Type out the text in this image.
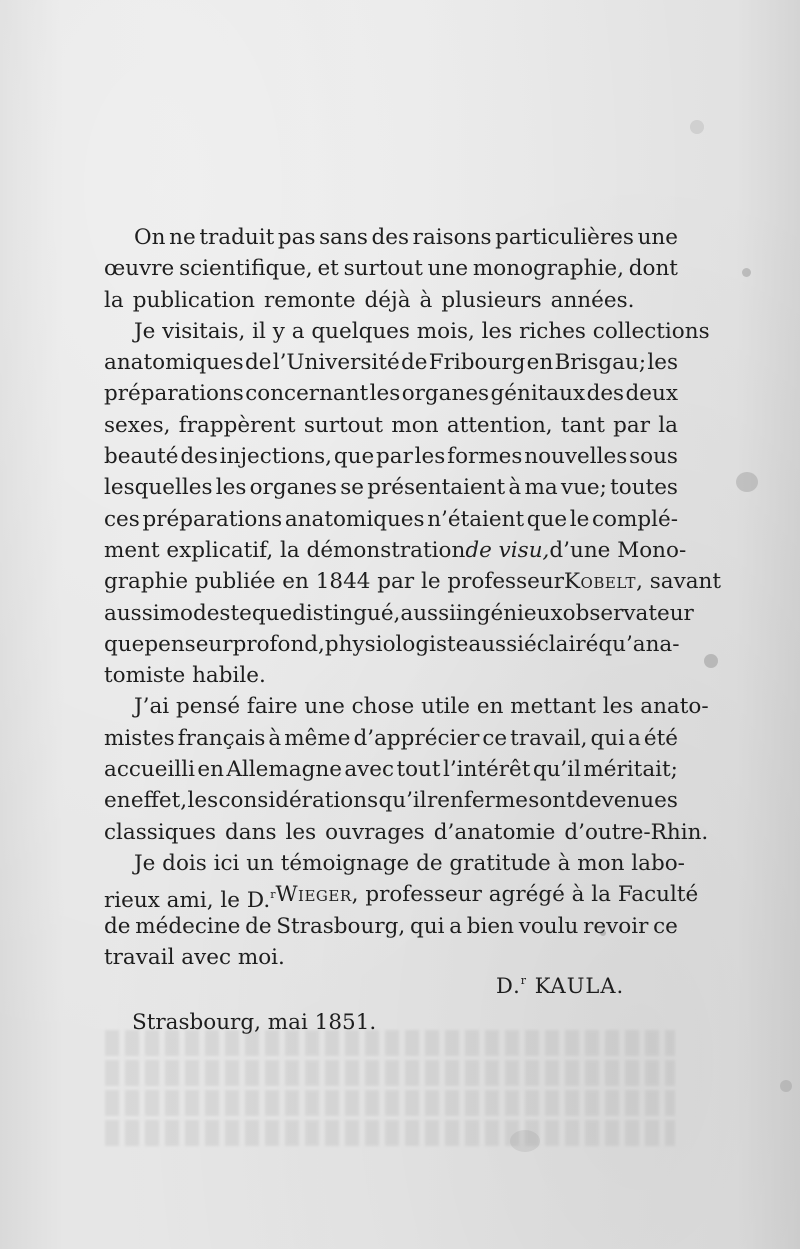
On ne traduit pas sans des raisons particulières une
œuvre scientifique, et surtout une monographie, dont
la publication remonte déjà à plusieurs années.
Je visitais, il y a quelques mois, les riches collections
anatomiques de l’Université de Fribourg en Brisgau; les
préparations concernant les organes génitaux des deux
sexes, frappèrent surtout mon attention, tant par la
beauté des injections, que par les formes nouvelles sous
lesquelles les organes se présentaient à ma vue; toutes
ces préparations anatomiques n’étaient que le complé-
ment explicatif, la démonstration de visu, d’une Mono-
graphie publiée en 1844 par le professeur Kobelt, savant
aussi modeste que distingué, aussi ingénieux observateur
que penseur profond, physiologiste aussi éclairé qu’ana-
tomiste habile.
J’ai pensé faire une chose utile en mettant les anato-
mistes français à même d’apprécier ce travail, qui a été
accueilli en Allemagne avec tout l’intérêt qu’il méritait;
en effet, les considérations qu’il renferme sont devenues
classiques dans les ouvrages d’anatomie d’outre-Rhin.
Je dois ici un témoignage de gratitude à mon labo-
rieux ami, le D.r Wieger, professeur agrégé à la Faculté
de médecine de Strasbourg, qui a bien voulu revoir ce
travail avec moi.
D.$^r$ KAULA.
Strasbourg, mai 1851.
